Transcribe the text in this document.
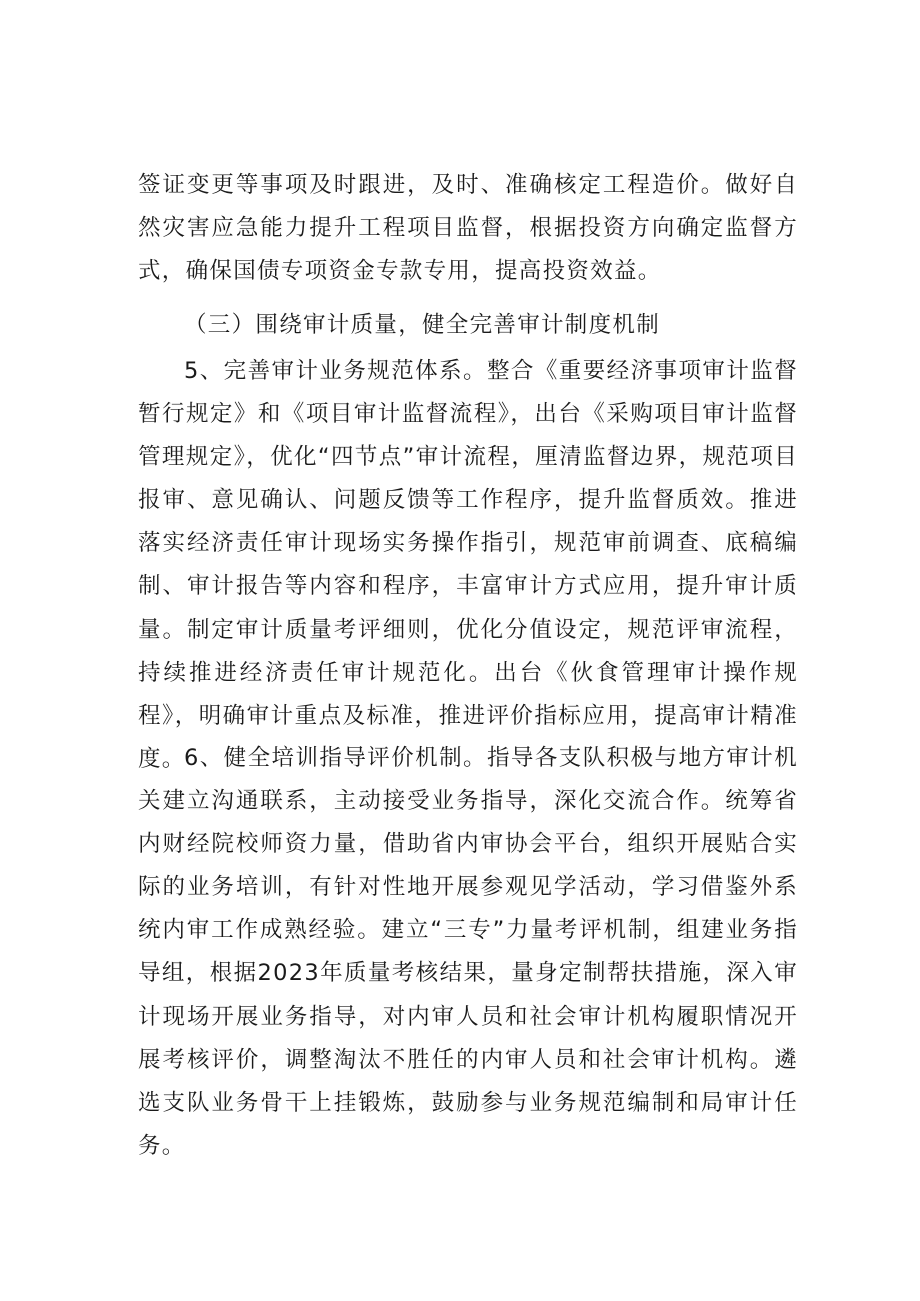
签证变更等事项及时跟进，及时、准确核定工程造价。做好自然灾害应急能力提升工程项目监督，根据投资方向确定监督方式，确保国债专项资金专款专用，提高投资效益。

（三）围绕审计质量，健全完善审计制度机制

5、完善审计业务规范体系。整合《重要经济事项审计监督暂行规定》和《项目审计监督流程》，出台《采购项目审计监督管理规定》，优化“四节点”审计流程，厘清监督边界，规范项目报审、意见确认、问题反馈等工作程序，提升监督质效。推进落实经济责任审计现场实务操作指引，规范审前调查、底稿编制、审计报告等内容和程序，丰富审计方式应用，提升审计质量。制定审计质量考评细则，优化分值设定，规范评审流程，持续推进经济责任审计规范化。出台《伙食管理审计操作规程》，明确审计重点及标准，推进评价指标应用，提高审计精准度。

6、健全培训指导评价机制。指导各支队积极与地方审计机关建立沟通联系，主动接受业务指导，深化交流合作。统筹省内财经院校师资力量，借助省内审协会平台，组织开展贴合实际的业务培训，有针对性地开展参观见学活动，学习借鉴外系统内审工作成熟经验。建立“三专”力量考评机制，组建业务指导组，根据2023年质量考核结果，量身定制帮扶措施，深入审计现场开展业务指导，对内审人员和社会审计机构履职情况开展考核评价，调整淘汰不胜任的内审人员和社会审计机构。遴选支队业务骨干上挂锻炼，鼓励参与业务规范编制和局审计任务。
